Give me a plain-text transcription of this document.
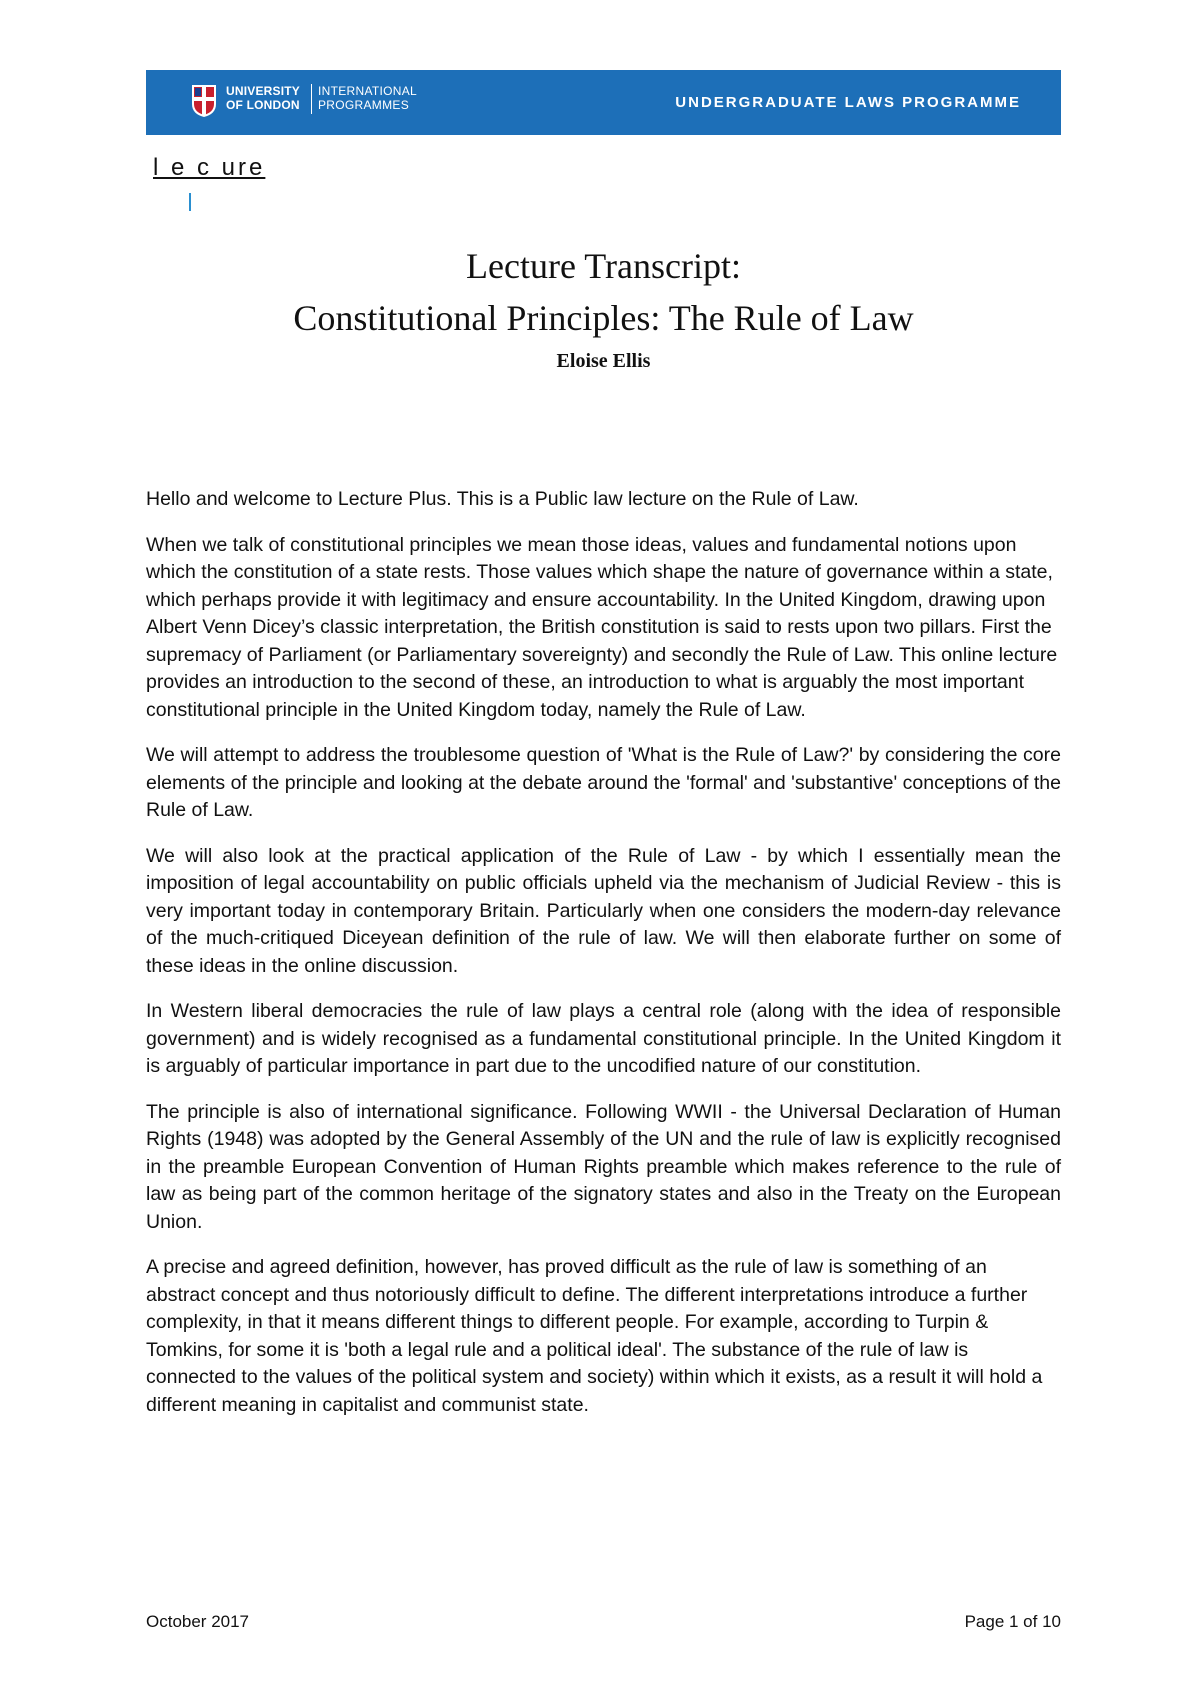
UNIVERSITY
OF LONDON
INTERNATIONAL
PROGRAMMES	UNDERGRADUATE LAWS PROGRAMME
l e c ure
Lecture Transcript:
Constitutional Principles: The Rule of Law
Eloise Ellis

Hello and welcome to Lecture Plus. This is a Public law lecture on the Rule of Law.

When we talk of constitutional principles we mean those ideas, values and fundamental notions upon which the constitution of a state rests. Those values which shape the nature of governance within a state, which perhaps provide it with legitimacy and ensure accountability. In the United Kingdom, drawing upon Albert Venn Dicey’s classic interpretation, the British constitution is said to rests upon two pillars. First the supremacy of Parliament (or Parliamentary sovereignty) and secondly the Rule of Law. This online lecture provides an introduction to the second of these, an introduction to what is arguably the most important constitutional principle in the United Kingdom today, namely the Rule of Law.

We will attempt to address the troublesome question of 'What is the Rule of Law?' by considering the core elements of the principle and looking at the debate around the 'formal' and 'substantive' conceptions of the Rule of Law.

We will also look at the practical application of the Rule of Law - by which I essentially mean the imposition of legal accountability on public officials upheld via the mechanism of Judicial Review - this is very important today in contemporary Britain. Particularly when one considers the modern-day relevance of the much-critiqued Diceyean definition of the rule of law. We will then elaborate further on some of these ideas in the online discussion.

In Western liberal democracies the rule of law plays a central role (along with the idea of responsible government) and is widely recognised as a fundamental constitutional principle. In the United Kingdom it is arguably of particular importance in part due to the uncodified nature of our constitution.

The principle is also of international significance. Following WWII - the Universal Declaration of Human Rights (1948) was adopted by the General Assembly of the UN and the rule of law is explicitly recognised in the preamble European Convention of Human Rights preamble which makes reference to the rule of law as being part of the common heritage of the signatory states and also in the Treaty on the European Union.

A precise and agreed definition, however, has proved difficult as the rule of law is something of an abstract concept and thus notoriously difficult to define. The different interpretations introduce a further complexity, in that it means different things to different people. For example, according to Turpin & Tomkins, for some it is 'both a legal rule and a political ideal'. The substance of the rule of law is connected to the values of the political system and society) within which it exists, as a result it will hold a different meaning in capitalist and communist state.

October 2017	Page 1 of 10
